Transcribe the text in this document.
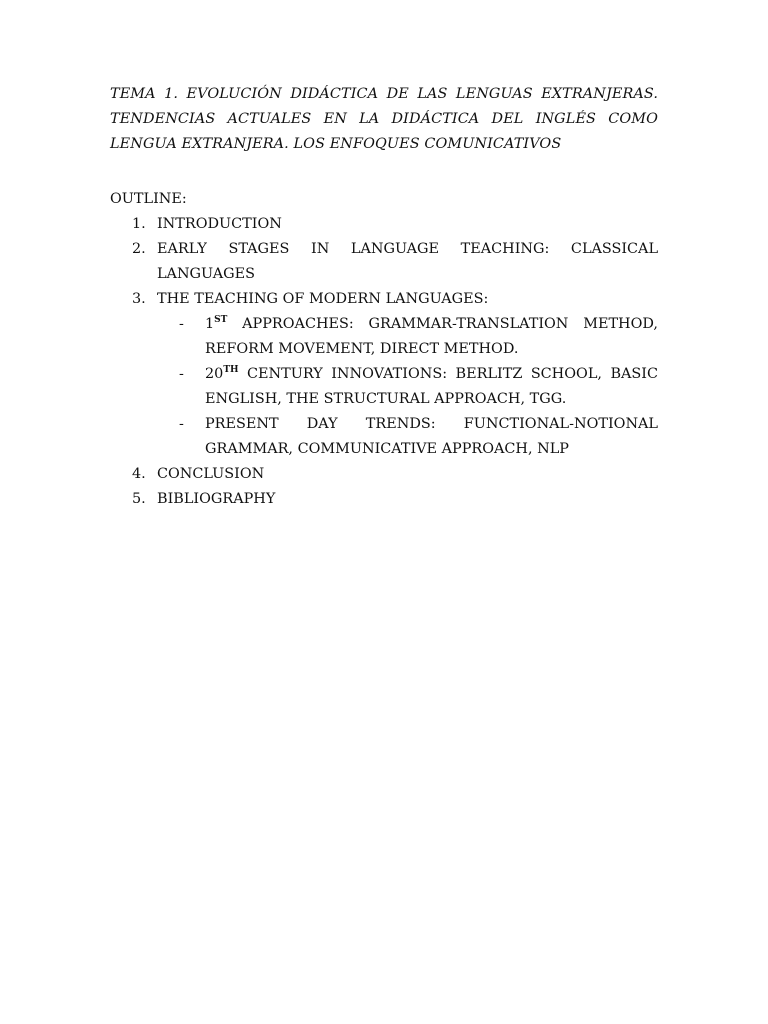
TEMA 1. EVOLUCIÓN DIDÁCTICA DE LAS LENGUAS EXTRANJERAS. TENDENCIAS ACTUALES EN LA DIDÁCTICA DEL INGLÉS COMO LENGUA EXTRANJERA. LOS ENFOQUES COMUNICATIVOS

OUTLINE:

1. INTRODUCTION
2. EARLY STAGES IN LANGUAGE TEACHING: CLASSICAL LANGUAGES
3. THE TEACHING OF MODERN LANGUAGES:
- 1ST APPROACHES: GRAMMAR-TRANSLATION METHOD, REFORM MOVEMENT, DIRECT METHOD.
- 20TH CENTURY INNOVATIONS: BERLITZ SCHOOL, BASIC ENGLISH, THE STRUCTURAL APPROACH, TGG.
- PRESENT DAY TRENDS: FUNCTIONAL-NOTIONAL GRAMMAR, COMMUNICATIVE APPROACH, NLP
4. CONCLUSION
5. BIBLIOGRAPHY
